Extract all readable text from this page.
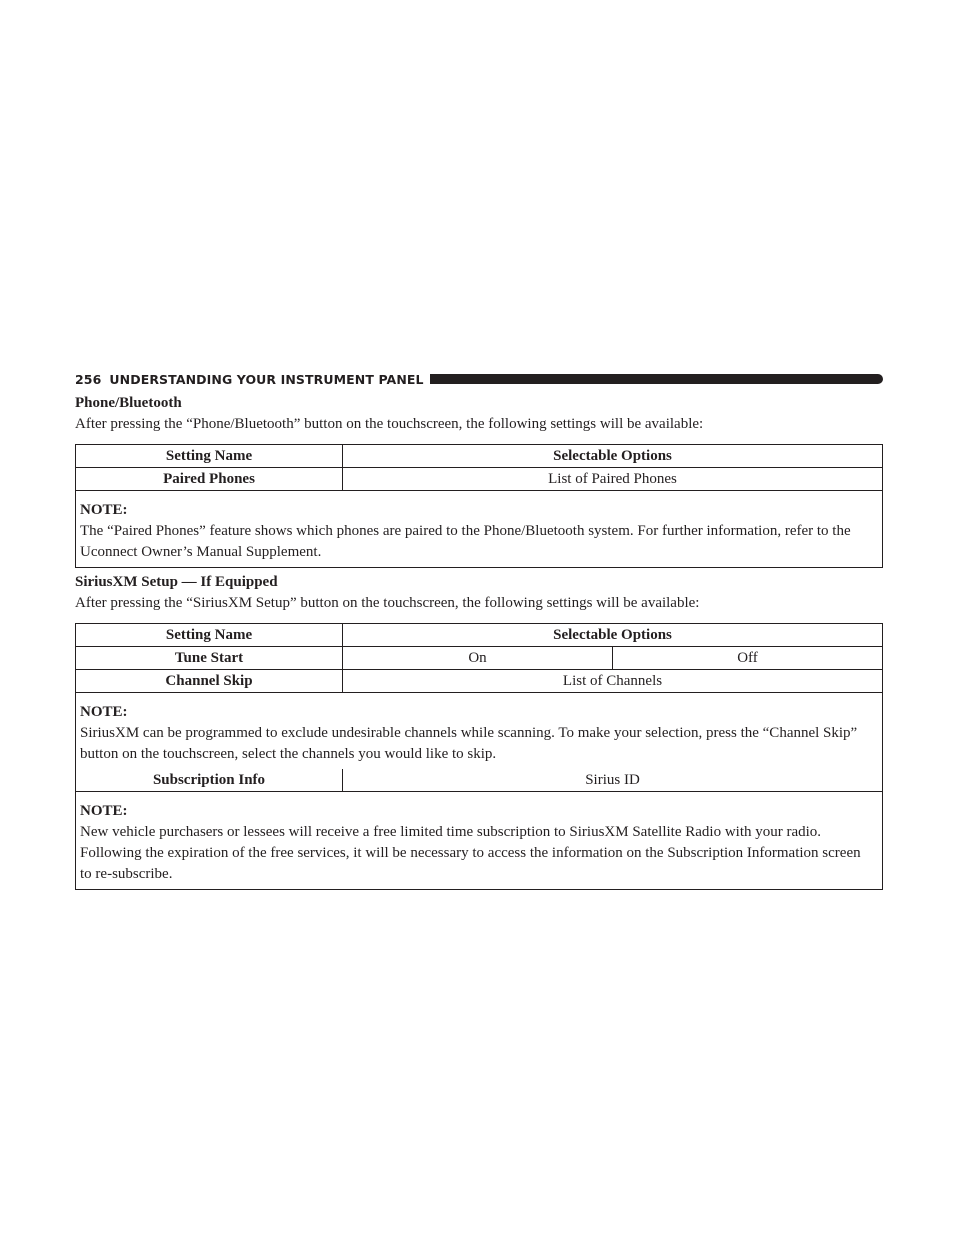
256 UNDERSTANDING YOUR INSTRUMENT PANEL

Phone/Bluetooth

After pressing the “Phone/Bluetooth” button on the touchscreen, the following settings will be available:

Setting Name	Selectable Options
Paired Phones	List of Paired Phones

NOTE:
The “Paired Phones” feature shows which phones are paired to the Phone/Bluetooth system. For further information, refer to the Uconnect Owner’s Manual Supplement.	

SiriusXM Setup — If Equipped

After pressing the “SiriusXM Setup” button on the touchscreen, the following settings will be available:

Setting Name	Selectable Options	
Tune Start	On	Off
Channel Skip	List of Channels	

NOTE:
SiriusXM can be programmed to exclude undesirable channels while scanning. To make your selection, press the “Channel Skip” button on the touchscreen, select the channels you would like to skip.		
Subscription Info	Sirius ID	

NOTE:
New vehicle purchasers or lessees will receive a free limited time subscription to SiriusXM Satellite Radio with your radio. Following the expiration of the free services, it will be necessary to access the information on the Subscription Information screen to re-subscribe.		
